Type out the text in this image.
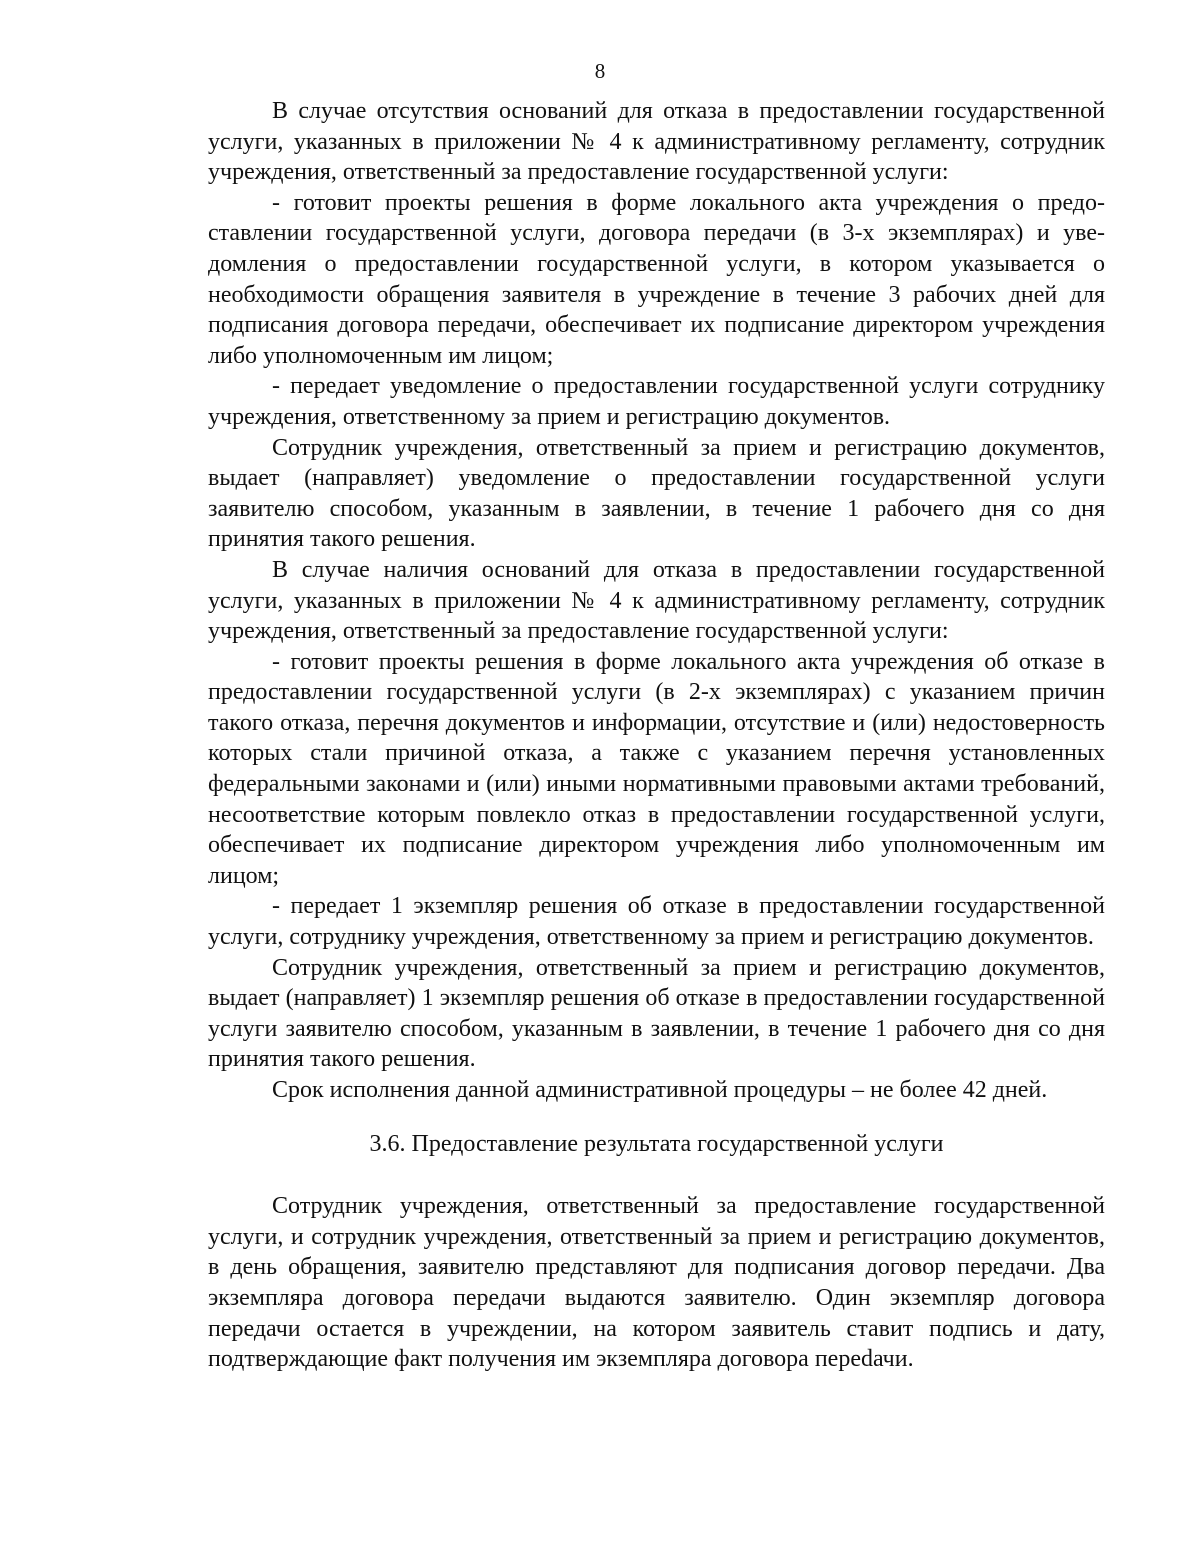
8

В случае отсутствия оснований для отказа в предоставлении государственной услуги, указанных в приложении № 4 к административному регламенту, сотрудник учреждения, ответственный за предоставление государственной услуги:

- готовит проекты решения в форме локального акта учреждения о предоставлении государственной услуги, договора передачи (в 3-х экземплярах) и уведомления о предоставлении государственной услуги, в котором указывается о необходимости обращения заявителя в учреждение в течение 3 рабочих дней для подписания договора передачи, обеспечивает их подписание директором учреждения либо уполномоченным им лицом;

- передает уведомление о предоставлении государственной услуги сотруднику учреждения, ответственному за прием и регистрацию документов.

Сотрудник учреждения, ответственный за прием и регистрацию документов, выдает (направляет) уведомление о предоставлении государственной услуги заявителю способом, указанным в заявлении, в течение 1 рабочего дня со дня принятия такого решения.

В случае наличия оснований для отказа в предоставлении государственной услуги, указанных в приложении № 4 к административному регламенту, сотрудник учреждения, ответственный за предоставление государственной услуги:

- готовит проекты решения в форме локального акта учреждения об отказе в предоставлении государственной услуги (в 2-х экземплярах) с указанием причин такого отказа, перечня документов и информации, отсутствие и (или) недостоверность которых стали причиной отказа, а также с указанием перечня установленных федеральными законами и (или) иными нормативными правовыми актами требований, несоответствие которым повлекло отказ в предоставлении государственной услуги, обеспечивает их подписание директором учреждения либо уполномоченным им лицом;

- передает 1 экземпляр решения об отказе в предоставлении государственной услуги, сотруднику учреждения, ответственному за прием и регистрацию документов.

Сотрудник учреждения, ответственный за прием и регистрацию документов, выдает (направляет) 1 экземпляр решения об отказе в предоставлении государственной услуги заявителю способом, указанным в заявлении, в течение 1 рабочего дня со дня принятия такого решения.

Срок исполнения данной административной процедуры – не более 42 дней.

3.6. Предоставление результата государственной услуги

Сотрудник учреждения, ответственный за предоставление государственной услуги, и сотрудник учреждения, ответственный за прием и регистрацию документов, в день обращения, заявителю представляют для подписания договор передачи. Два экземпляра договора передачи выдаются заявителю. Один экземпляр договора передачи остается в учреждении, на котором заявитель ставит подпись и дату, подтверждающие факт получения им экземпляра договора переdачи.
